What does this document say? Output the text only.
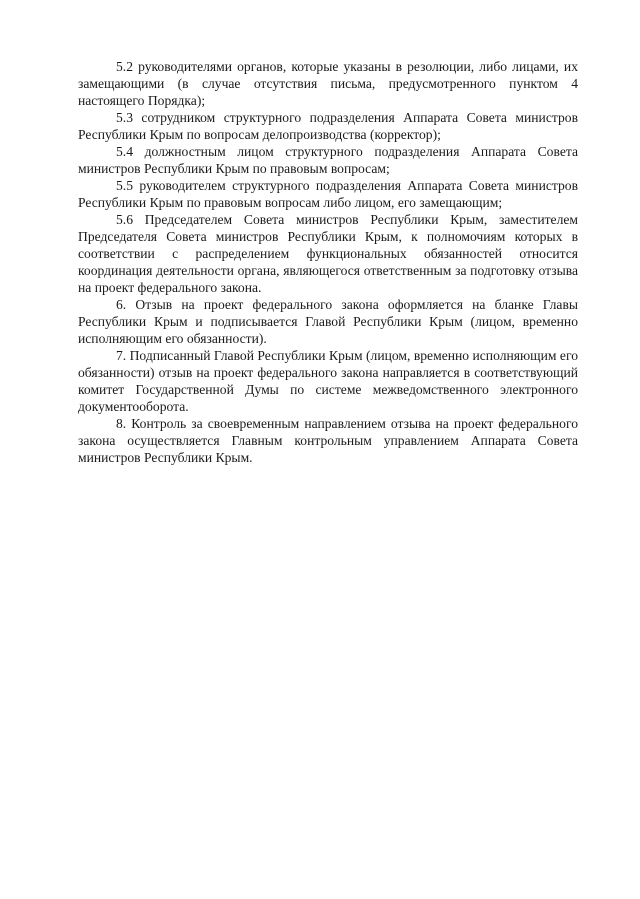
5.2 руководителями органов, которые указаны в резолюции, либо лицами, их замещающими (в случае отсутствия письма, предусмотренного пунктом 4 настоящего Порядка);

5.3 сотрудником структурного подразделения Аппарата Совета министров Республики Крым по вопросам делопроизводства (корректор);

5.4 должностным лицом структурного подразделения Аппарата Совета министров Республики Крым по правовым вопросам;

5.5 руководителем структурного подразделения Аппарата Совета министров Республики Крым по правовым вопросам либо лицом, его замещающим;

5.6 Председателем Совета министров Республики Крым, заместителем Председателя Совета министров Республики Крым, к полномочиям которых в соответствии с распределением функциональных обязанностей относится координация деятельности органа, являющегося ответственным за подготовку отзыва на проект федерального закона.

6. Отзыв на проект федерального закона оформляется на бланке Главы Республики Крым и подписывается Главой Республики Крым (лицом, временно исполняющим его обязанности).

7. Подписанный Главой Республики Крым (лицом, временно исполняющим его обязанности) отзыв на проект федерального закона направляется в соответствующий комитет Государственной Думы по системе межведомственного электронного документооборота.

8. Контроль за своевременным направлением отзыва на проект федерального закона осуществляется Главным контрольным управлением Аппарата Совета министров Республики Крым.
